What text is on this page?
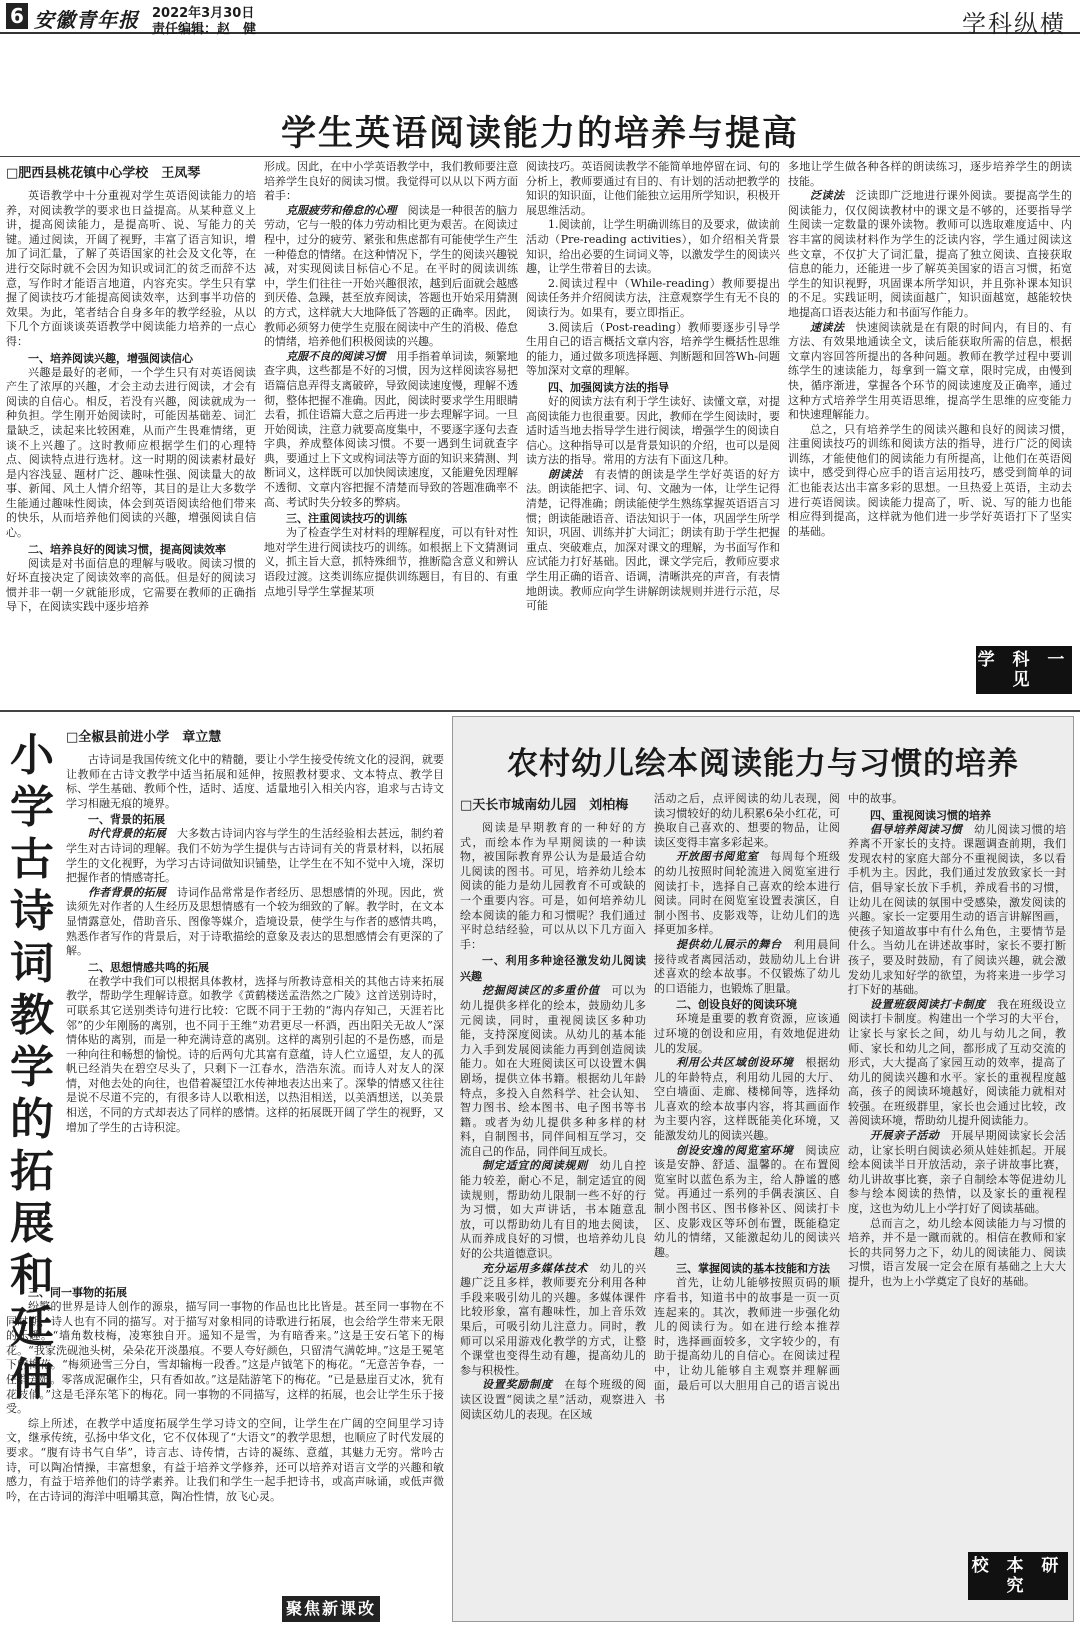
6 安徽青年报 2022年3月30日
责任编辑：赵　健	学科纵横
学生英语阅读能力的培养与提高
□肥西县桃花镇中心学校　王凤琴

英语教学中十分重视对学生英语阅读能力的培养，对阅读教学的要求也日益提高。从某种意义上讲，提高阅读能力，是提高听、说、写能力的关键。通过阅读，开阔了视野，丰富了语言知识，增加了词汇量，了解了英语国家的社会及文化等，在进行交际时就不会因为知识或词汇的贫乏而辞不达意，写作时才能语言地道，内容充实。学生只有掌握了阅读技巧才能提高阅读效率，达到事半功倍的效果。为此，笔者结合自身多年的教学经验，从以下几个方面谈谈英语教学中阅读能力培养的一点心得：

一、培养阅读兴趣，增强阅读信心

兴趣是最好的老师，一个学生只有对英语阅读产生了浓厚的兴趣，才会主动去进行阅读，才会有阅读的自信心。相反，若没有兴趣，阅读就成为一种负担。学生刚开始阅读时，可能因基础差、词汇量缺乏，读起来比较困难，从而产生畏难情绪，更谈不上兴趣了。这时教师应根据学生们的心理特点、阅读特点进行选材。这一时期的阅读素材最好是内容浅显、题材广泛、趣味性强、阅读量大的故事、新闻、风土人情介绍等，其目的是让大多数学生能通过趣味性阅读，体会到英语阅读给他们带来的快乐，从而培养他们阅读的兴趣，增强阅读自信心。

二、培养良好的阅读习惯，提高阅读效率

阅读是对书面信息的理解与吸收。阅读习惯的好坏直接决定了阅读效率的高低。但是好的阅读习惯并非一朝一夕就能形成，它需要在教师的正确指导下，在阅读实践中逐步培养

形成。因此，在中小学英语教学中，我们教师要注意培养学生良好的阅读习惯。我觉得可以从以下两方面着手：

克服疲劳和倦怠的心理　 阅读是一种很苦的脑力劳动，它与一般的体力劳动相比更为艰苦。在阅读过程中，过分的疲劳、紧张和焦虑都有可能使学生产生一种倦怠的情绪。在这种情况下，学生的阅读兴趣锐减，对实现阅读目标信心不足。在平时的阅读训练中，学生们往往一开始兴趣很浓，越到后面就会越感到厌倦、急躁，甚至放弃阅读，答题也开始采用猜测的方式，这样就大大地降低了答题的正确率。因此，教师必须努力使学生克服在阅读中产生的消极、倦怠的情绪，培养他们积极阅读的兴趣。

克服不良的阅读习惯　 用手指着单词读，频繁地查字典，这些都是不好的习惯，因为这样阅读容易把语篇信息弄得支离破碎，导致阅读速度慢，理解不透彻，整体把握不准确。因此，阅读时要求学生用眼睛去看，抓住语篇大意之后再进一步去理解字词。一旦开始阅读，注意力就要高度集中，不要逐字逐句去查字典，养成整体阅读习惯。不要一遇到生词就查字典，要通过上下文或构词法等方面的知识来猜测、判断词义，这样既可以加快阅读速度，又能避免因理解不透彻、文章内容把握不清楚而导致的答题准确率不高、考试时失分较多的弊病。

三、注重阅读技巧的训练

为了检查学生对材料的理解程度，可以有针对性地对学生进行阅读技巧的训练。如根据上下文猜测词义，抓主旨大意，抓特殊细节，推断隐含意义和辨认语段过渡。这类训练应提供训练题目，有目的、有重点地引导学生掌握某项

阅读技巧。英语阅读教学不能简单地停留在词、句的分析上，教师要通过有目的、有计划的活动把教学的知识的知识面，让他们能独立运用所学知识，积极开展思维活动。

1.阅读前，让学生明确训练目的及要求，做读前活动（Pre-reading activities），如介绍相关背景知识，给出必要的生词词义等，以激发学生的阅读兴趣，让学生带着目的去读。

2.阅读过程中（While-reading）教师要提出阅读任务并介绍阅读方法，注意观察学生有无不良的阅读行为。如果有，要立即指正。

3.阅读后（Post-reading）教师要逐步引导学生用自己的语言概括文章内容，培养学生概括性思维的能力，通过做多项选择题、判断题和回答Wh-问题等加深对文章的理解。

四、加强阅读方法的指导

好的阅读方法有利于学生读好、读懂文章，对提高阅读能力也很重要。因此，教师在学生阅读时，要适时适当地去指导学生进行阅读，增强学生的阅读自信心。这种指导可以是背景知识的介绍，也可以是阅读方法的指导。常用的方法有下面这几种。

朗读法　 有表情的朗读是学生学好英语的好方法。朗读能把字、词、句、文融为一体，让学生记得清楚，记得准确；朗读能使学生熟练掌握英语语言习惯；朗读能融语音、语法知识于一体，巩固学生所学知识，巩固、训练并扩大词汇；朗读有助于学生把握重点、突破难点，加深对课文的理解，为书面写作和应试能力打好基础。因此，课文学完后，教师应要求学生用正确的语音、语调，清晰洪亮的声音，有表情地朗读。教师应向学生讲解朗读规则并进行示范，尽可能

多地让学生做各种各样的朗读练习，逐步培养学生的朗读技能。

泛读法　 泛读即广泛地进行课外阅读。要提高学生的阅读能力，仅仅阅读教材中的课文是不够的，还要指导学生阅读一定数量的课外读物。教师可以选取难度适中、内容丰富的阅读材料作为学生的泛读内容，学生通过阅读这些文章，不仅扩大了词汇量，提高了独立阅读、直接获取信息的能力，还能进一步了解英美国家的语言习惯，拓宽学生的知识视野，巩固课本所学知识，并且弥补课本知识的不足。实践证明，阅读面越广，知识面越宽，越能较快地提高口语表达能力和书面写作能力。

速读法　 快速阅读就是在有限的时间内，有目的、有方法、有效果地通读全文，读后能获取所需的信息，根据文章内容回答所提出的各种问题。教师在教学过程中要训练学生的速读能力，每拿到一篇文章，限时完成，由慢到快，循序渐进，掌握各个环节的阅读速度及正确率，通过这种方式培养学生用英语思维，提高学生思维的应变能力和快速理解能力。

总之，只有培养学生的阅读兴趣和良好的阅读习惯，注重阅读技巧的训练和阅读方法的指导，进行广泛的阅读训练，才能使他们的阅读能力有所提高，让他们在英语阅读中，感受到得心应手的语言运用技巧，感受到简单的词汇也能表达出丰富多彩的思想。一旦热爱上英语，主动去进行英语阅读。阅读能力提高了，听、说、写的能力也能相应得到提高，这样就为他们进一步学好英语打下了坚实的基础。

学 科 一 见
小学古诗词教学的拓展和延伸
□全椒县前进小学　章立慧

古诗词是我国传统文化中的精髓，要让小学生接受传统文化的浸润，就要让教师在古诗文教学中适当拓展和延伸，按照教材要求、文本特点、教学目标、学生基础、教师个性，适时、适度、适量地引入相关内容，追求与古诗文学习相融无痕的境界。

一、背景的拓展

时代背景的拓展　 大多数古诗词内容与学生的生活经验相去甚远，制约着学生对古诗词的理解。我们不妨为学生提供与古诗词有关的背景材料，以拓展学生的文化视野，为学习古诗词做知识铺垫，让学生在不知不觉中入境，深切把握作者的情感寄托。

作者背景的拓展　 诗词作品常常是作者经历、思想感情的外现。因此，赏读须先对作者的人生经历及思想情感有一个较为细致的了解。教学时，在文本显情露意处，借助音乐、图像等媒介，造境设景，使学生与作者的感情共鸣，熟悉作者写作的背景后，对于诗歌描绘的意象及表达的思想感情会有更深的了解。

二、思想情感共鸣的拓展

在教学中我们可以根据具体教材，选择与所教诗意相关的其他古诗来拓展教学，帮助学生理解诗意。如教学《黄鹤楼送孟浩然之广陵》这首送别诗时，可联系其它送别类诗句进行比较：它既不同于王勃的“海内存知己，天涯若比邻”的少年刚肠的离别，也不同于王维“劝君更尽一杯酒，西出阳关无故人”深情体贴的离别，而是一种充满诗意的离别。这样的离别引起的不是伤感，而是一种向往和畅想的愉悦。诗的后两句尤其富有意蕴，诗人伫立遥望，友人的孤帆已经消失在碧空尽头了，只剩下一江春水，浩浩东流。而诗人对友人的深情，对他去处的向往，也借着凝望江水传神地表达出来了。深挚的情感又往往是说不尽道不完的，有很多诗人以歌相送，以热泪相送，以美酒想送，以美景相送，不同的方式却表达了同样的感情。这样的拓展既开阔了学生的视野，又增加了学生的古诗积淀。

三、同一事物的拓展

纷繁的世界是诗人创作的源泉，描写同一事物的作品也比比皆是。甚至同一事物在不同时期，诗人也有不同的描写。对于描写对象相同的诗歌进行拓展，也会给学生带来无限的乐趣。“墙角数枝梅，凌寒独自开。遥知不是雪，为有暗香来。”这是王安石笔下的梅花。“我家洗砚池头树，朵朵花开淡墨痕。不要人夸好颜色，只留清气满乾坤。”这是王冕笔下的梅花。“梅须逊雪三分白，雪却输梅一段香。”这是卢钺笔下的梅花。“无意苦争春，一任群芳妒。零落成泥碾作尘，只有香如故。”这是陆游笔下的梅花。“已是悬崖百丈冰，犹有花枝俏。”这是毛泽东笔下的梅花。同一事物的不同描写，这样的拓展，也会让学生乐于接受。

综上所述，在教学中适度拓展学生学习诗文的空间，让学生在广阔的空间里学习诗文，继承传统，弘扬中华文化，它不仅体现了“大语文”的教学思想，也顺应了时代发展的要求。“腹有诗书气自华”，诗言志、诗传情，古诗的凝练、意蕴，其魅力无穷。常吟古诗，可以陶冶情操，丰富想象，有益于培养文学修养，还可以培养对语言文学的兴趣和敏感力，有益于培养他们的诗学素养。让我们和学生一起手把诗书，或高声咏诵，或低声微吟，在古诗词的海洋中咀嚼其意，陶冶性情，放飞心灵。

聚焦新课改
农村幼儿绘本阅读能力与习惯的培养
□天长市城南幼儿园　刘柏梅

阅读是早期教育的一种好的方式，而绘本作为早期阅读的一种读物，被国际教育界公认为是最适合幼儿阅读的图书。可见，培养幼儿绘本阅读的能力是幼儿园教育不可或缺的一个重要内容。可是，如何培养幼儿绘本阅读的能力和习惯呢？我们通过平时总结经验，可以从以下几方面入手：

一、利用多种途径激发幼儿阅读兴趣

挖掘阅读区的多重价值　 可以为幼儿提供多样化的绘本，鼓励幼儿多元阅读，同时，重视阅读区多种功能，支持深度阅读。从幼儿的基本能力入手到发展阅读能力再到创造阅读能力。如在大班阅读区可以设置木偶剧场，提供立体书籍。根据幼儿年龄特点，多投入自然科学、社会认知、智力图书、绘本图书、电子图书等书籍。或者为幼儿提供多种多样的材料，自制图书，同伴间相互学习，交流自己的作品，同伴间互成长。

制定适宜的阅读规则　 幼儿自控能力较差，耐心不足，制定适宜的阅读规则，帮助幼儿限制一些不好的行为习惯，如大声讲话，书本随意乱放，可以帮助幼儿有目的地去阅读，从而养成良好的习惯，也培养幼儿良好的公共道德意识。

充分运用多媒体技术　 幼儿的兴趣广泛且多样，教师要充分利用各种手段来吸引幼儿的兴趣。多媒体课件比较形象，富有趣味性，加上音乐效果后，可吸引幼儿注意力。同时，教师可以采用游戏化教学的方式，让整个课堂也变得生动有趣，提高幼儿的参与积极性。

设置奖励制度　 在每个班级的阅读区设置“阅读之星”活动，观察进入阅读区幼儿的表现。在区域

活动之后，点评阅读的幼儿表现，阅读习惯较好的幼儿积累6朵小红花，可换取自己喜欢的、想要的物品，让阅读区变得丰富多彩起来。

开放图书阅览室　 每周每个班级的幼儿按照时间轮流进入阅览室进行阅读打卡，选择自己喜欢的绘本进行阅读。同时在阅览室设置表演区，自制小图书、皮影戏等，让幼儿们的选择更加多样。

提供幼儿展示的舞台　 利用晨间接待或者离园活动，鼓励幼儿上台讲述喜欢的绘本故事。不仅锻炼了幼儿的口语能力，也锻炼了胆量。

二、创设良好的阅读环境

环境是重要的教育资源，应该通过环境的创设和应用，有效地促进幼儿的发展。

利用公共区域创设环境　 根据幼儿的年龄特点，利用幼儿园的大厅、空白墙面、走廊、楼梯间等，选择幼儿喜欢的绘本故事内容，将其画面作为主要内容，这样既能美化环境，又能激发幼儿的阅读兴趣。

创设安逸的阅览室环境　 阅读应该是安静、舒适、温馨的。在布置阅览室时以蓝色系为主，给人静谧的感觉。再通过一系列的手偶表演区、自制小图书区、图书修补区、阅读打卡区、皮影戏区等环创布置，既能稳定幼儿的情绪，又能激起幼儿的阅读兴趣。

三、掌握阅读的基本技能和方法

首先，让幼儿能够按照页码的顺序看书，知道书中的故事是一页一页连起来的。其次，教师进一步强化幼儿的阅读行为。如在进行绘本推荐时，选择画面较多，文字较少的，有助于提高幼儿的自信心。在阅读过程中，让幼儿能够自主观察并理解画面，最后可以大胆用自己的语言说出书

中的故事。

四、重视阅读习惯的培养

倡导培养阅读习惯　 幼儿阅读习惯的培养离不开家长的支持。课题调查前期，我们发现农村的家庭大部分不重视阅读，多以看手机为主。因此，我们通过发放致家长一封信，倡导家长放下手机，养成看书的习惯，让幼儿在阅读的氛围中受感染，激发阅读的兴趣。家长一定要用生动的语言讲解图画，使孩子知道故事中有什么角色，主要情节是什么。当幼儿在讲述故事时，家长不要打断孩子，要及时鼓励，有了阅读兴趣，就会激发幼儿求知好学的欲望，为将来进一步学习打下好的基础。

设置班级阅读打卡制度　 我在班级设立阅读打卡制度。构建出一个学习的大平台，让家长与家长之间，幼儿与幼儿之间，教师、家长和幼儿之间，都形成了互动交流的形式，大大提高了家园互动的效率，提高了幼儿的阅读兴趣和水平。家长的重视程度越高，孩子的阅读环境越好，阅读能力就相对较强。在班级群里，家长也会通过比较，改善阅读环境，帮助幼儿提升阅读能力。

开展亲子活动　 开展早期阅读家长会活动，让家长明白阅读必须从娃娃抓起。开展绘本阅读半日开放活动，亲子讲故事比赛，幼儿讲故事比赛，亲子自制绘本等促进幼儿参与绘本阅读的热情，以及家长的重视程度，这也为幼儿上小学打好了阅读基础。

总而言之，幼儿绘本阅读能力与习惯的培养，并不是一蹴而就的。相信在教师和家长的共同努力之下，幼儿的阅读能力、阅读习惯，语言发展一定会在原有基础之上大大提升，也为上小学奠定了良好的基础。

校 本 研 究
